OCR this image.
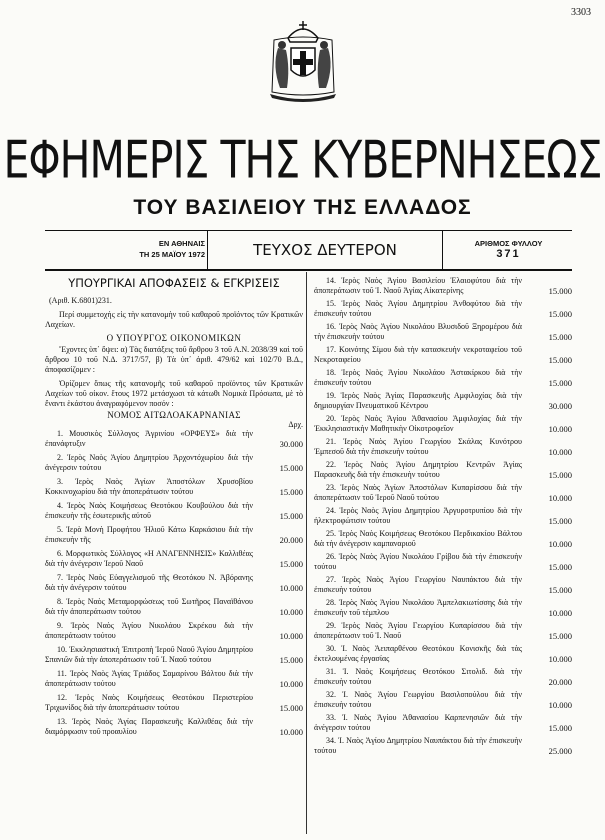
3303
ΕΦΗΜΕΡΙΣ ΤΗΣ ΚΥΒΕΡΝΗΣΕΩΣ
ΤΟΥ ΒΑΣΙΛΕΙΟΥ ΤΗΣ ΕΛΛΑΔΟΣ
ΕΝ ΑΘΗΝΑΙΣ
ΤΗ 25 ΜΑΪΟΥ 1972	ΤΕΥΧΟΣ ΔΕΥΤΕΡΟΝ	ΑΡΙΘΜΟΣ ΦΥΛΛΟΥ
371
ΥΠΟΥΡΓΙΚΑΙ ΑΠΟΦΑΣΕΙΣ & ΕΓΚΡΙΣΕΙΣ

(Αριθ. Κ.6801)231.

Περί συμμετοχής εἰς τὴν κατανομὴν τοῦ καθαροῦ προϊόντος τῶν Κρατικῶν Λαχείων.

Ο ΥΠΟΥΡΓΟΣ ΟΙΚΟΝΟΜΙΚΩΝ

Ἔχοντες ὑπ᾿ ὄψει: α) Τὰς διατάξεις τοῦ ἄρθρου 3 τοῦ Α.Ν. 2038/39 καὶ τοῦ ἄρθρου 10 τοῦ Ν.Δ. 3717/57, β) Τὰ ὑπ᾿ ἀριθ. 479/62 καὶ 102/70 Β.Δ., ἀποφασίζομεν :

Ὁρίζομεν ὅπως τῆς κατανομῆς τοῦ καθαροῦ προϊόντος τῶν Κρατικῶν Λαχείων τοῦ οἰκον. ἔτους 1972 μετάσχωσι τὰ κάτωθι Νομικὰ Πρόσωπα, μὲ τὸ ἔναντι ἑκάστου ἀναγραφόμενον ποσόν :

ΝΟΜΟΣ ΑΙΤΩΛΟΑΚΑΡΝΑΝΙΑΣ
Δρχ.
1. Μουσικὸς Σύλλογος Ἀγρινίου «ΟΡΦΕΥΣ» διὰ τὴν ἐπανάφτυξιν	30.000
2. Ἱερὸς Ναὸς Ἁγίου Δημητρίου Ἀρχοντόχωρίου διὰ τὴν ἀνέγερσιν τούτου	15.000
3. Ἱερὸς Ναὸς Ἁγίων Ἀποστόλων Χρυσοβίου Κοκκινοχωρίου διὰ τὴν ἀποπεράτωσιν τούτου	15.000
4. Ἱερὸς Ναὸς Κοιμήσεως Θεοτόκου Κουβούλου διὰ τὴν ἐπισκευὴν τῆς ἐσωτερικῆς αὐτοῦ	15.000
5. Ἱερὰ Μονὴ Προφήτου Ἠλιοῦ Κάτω Καρκάσιου διὰ τὴν ἐπισκευὴν τῆς	20.000
6. Μορφωτικὸς Σύλλογος «Η ΑΝΑΓΕΝΝΗΣΙΣ» Καλλιθέας διὰ τὴν ἀνέγερσιν Ἱεροῦ Ναοῦ	15.000
7. Ἱερὸς Ναὸς Εὐαγγελισμοῦ τῆς Θεοτόκου Ν. Ἀβόρανης διὰ τὴν ἀνέγερσιν τούτου	10.000
8. Ἱερὸς Ναὸς Μεταμορφώσεως τοῦ Σωτῆρος Παναϊθάνου διὰ τὴν ἀποπεράτωσιν τούτου	10.000
9. Ἱερὸς Ναὸς Ἁγίου Νικολάου Σκρέκου διὰ τὴν ἀποπεράτωσιν τούτου	10.000
10. Ἐκκλησιαστικὴ Ἐπιτροπὴ Ἱεροῦ Ναοῦ Ἁγίου Δημητρίου Σπανιῶν διὰ τὴν ἀποπεράτωσιν τοῦ Ἱ. Ναοῦ τούτου	15.000
11. Ἱερὸς Ναὸς Ἁγίας Τριάδος Σαμαρίνου Βάλτου διὰ τὴν ἀποπεράτωσιν τούτου	10.000
12. Ἱερὸς Ναὸς Κοιμήσεως Θεοτόκου Περιστερίου Τριχωνίδος διὰ τὴν ἀποπεράτωσιν τούτου	15.000
13. Ἱερὸς Ναὸς Ἁγίας Παρασκευῆς Καλλιθέας διὰ τὴν διαμόρφωσιν τοῦ προαυλίου	10.000
14. Ἱερὸς Ναὸς Ἁγίου Βασιλείου Ἐλαιοφύτου διὰ τὴν ἀποπεράτωσιν τοῦ Ἱ. Ναοῦ Ἁγίας Αἰκατερίνης	15.000
15. Ἱερὸς Ναὸς Ἁγίου Δημητρίου Ἀνθοφύτου διὰ τὴν ἐπισκευὴν τούτου	15.000
16. Ἱερὸς Ναὸς Ἁγίου Νικολάου Βλυσιδοῦ Ξηρομέρου διὰ τὴν ἐπισκευὴν τούτου	15.000
17. Κοινότης Σίμου διὰ τὴν κατασκευὴν νεκροταφείου τοῦ Νεκροταφείου	15.000
18. Ἱερὸς Ναὸς Ἁγίου Νικολάου Ἀστακίρκου διὰ τὴν ἐπισκευὴν τούτου	15.000
19. Ἱερὸς Ναὸς Ἁγίας Παρασκευῆς Αμφιλοχίας διὰ τὴν δημιουργίαν Πνευματικοῦ Κέντρου	30.000
20. Ἱερὸς Ναὸς Ἁγίου Ἀθανασίου Ἀμφιλοχίας διὰ τὴν Ἐκκλησιαστικὴν Μαθητικὴν Οἰκοτροφεῖον	10.000
21. Ἱερὸς Ναὸς Ἁγίου Γεωργίου Σκάλας Κυνότρου Ἐμπεσοῦ διὰ τὴν ἐπισκευὴν τούτου	10.000
22. Ἱερὸς Ναὸς Ἁγίου Δημητρίου Κεντρῶν Ἁγίας Παρασκευῆς διὰ τὴν ἐπισκευὴν τούτου	15.000
23. Ἱερὸς Ναὸς Ἁγίων Ἀποστόλων Κυπαρίσσου διὰ τὴν ἀποπεράτωσιν τοῦ Ἱεροῦ Ναοῦ τούτου	10.000
24. Ἱερὸς Ναὸς Ἁγίου Δημητρίου Ἀργυροτρυπίου διὰ τὴν ἠλεκτροφώτισιν τούτου	15.000
25. Ἱερὸς Ναὸς Κοιμήσεως Θεοτόκου Περδικακίου Βάλτου διὰ τὴν ἀνέγερσιν καμπαναριοῦ	10.000
26. Ἱερὸς Ναὸς Ἁγίου Νικολάου Γρίβου διὰ τὴν ἐπισκευὴν τούτου	15.000
27. Ἱερὸς Ναὸς Ἁγίου Γεωργίου Ναυπάκτου διὰ τὴν ἐπισκευὴν τούτου	15.000
28. Ἱερὸς Ναὸς Ἁγίου Νικολάου Ἀμπελακιωτίσσης διὰ τὴν ἐπισκευὴν τοῦ τέμπλου	10.000
29. Ἱερὸς Ναὸς Ἁγίου Γεωργίου Κυπαρίσσου διὰ τὴν ἀποπεράτωσιν τοῦ Ἱ. Ναοῦ	15.000
30. Ἱ. Ναὸς Ἀειπαρθένου Θεοτόκου Κονισκῆς διὰ τὰς ἐκτελουμένας ἐργασίας	10.000
31. Ἱ. Ναὸς Κοιμήσεως Θεοτόκου Σιτολιδ. διὰ τὴν ἐπισκευὴν τούτου	20.000
32. Ἱ. Ναὸς Ἁγίου Γεωργίου Βασιλοπούλου διὰ τὴν ἐπισκευὴν τούτου	10.000
33. Ἱ. Ναὸς Ἁγίου Ἀθανασίου Καρπενησιῶν διὰ τὴν ἀνέγερσιν τούτου	15.000
34. Ἱ. Ναὸς Ἁγίου Δημητρίου Ναυπάκτου διὰ τὴν ἐπισκευὴν τούτου	25.000
